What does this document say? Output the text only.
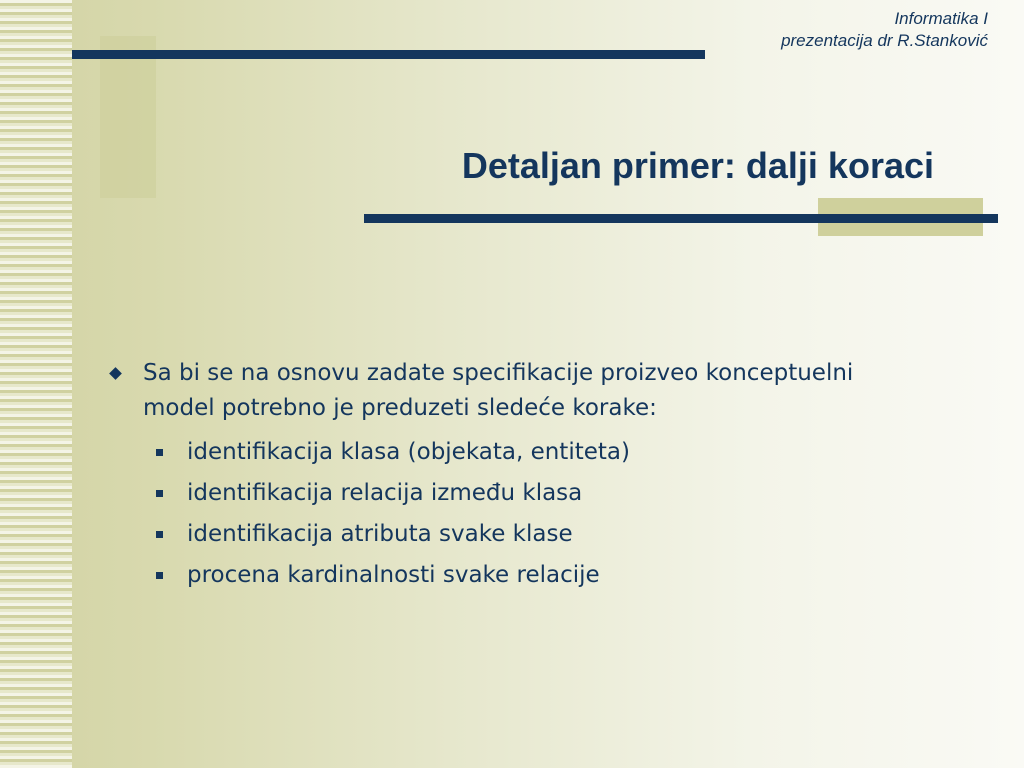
Informatika I
prezentacija dr R.Stanković
Detaljan primer: dalji koraci
Sa bi se na osnovu zadate specifikacije proizveo konceptuelni model potrebno je preduzeti sledeće korake:
identifikacija klasa (objekata, entiteta)
identifikacija relacija između klasa
identifikacija atributa svake klase
procena kardinalnosti svake relacije
